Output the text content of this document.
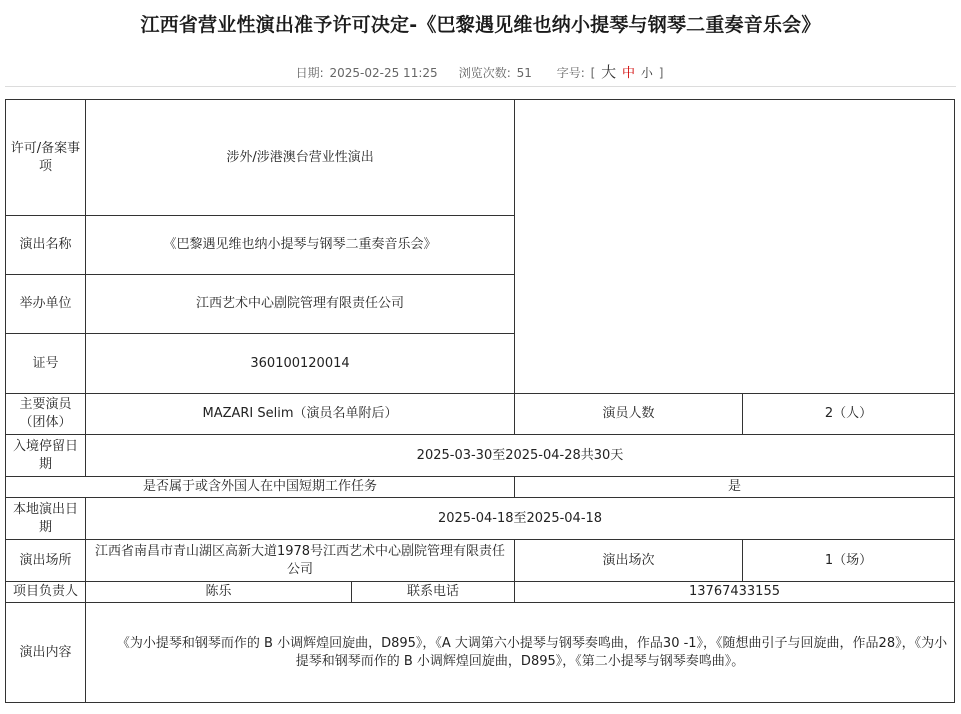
江西省营业性演出准予许可决定-《巴黎遇见维也纳小提琴与钢琴二重奏音乐会》
日期: 2025-02-25 11:25 浏览次数: 51 字号: [ 大 中 小 ]
许可/备案事项	涉外/涉港澳台营业性演出			
演出名称	《巴黎遇见维也纳小提琴与钢琴二重奏音乐会》			
举办单位	江西艺术中心剧院管理有限责任公司			
证号	360100120014			
主要演员（团体）	MAZARI Selim（演员名单附后）		演员人数	2（人）
入境停留日期	2025-03-30至2025-04-28共30天			
是否属于或含外国人在中国短期工作任务			是	
本地演出日期	2025-04-18至2025-04-18			
演出场所	江西省南昌市青山湖区高新大道1978号江西艺术中心剧院管理有限责任公司		演出场次	1（场）
项目负责人	陈乐	联系电话	13767433155	
演出内容	《为小提琴和钢琴而作的 B 小调辉煌回旋曲，D895》，《A 大调第六小提琴与钢琴奏鸣曲，作品30 -1》，《随想曲引子与回旋曲，作品28》，《为小提琴和钢琴而作的 B 小调辉煌回旋曲，D895》，《第二小提琴与钢琴奏鸣曲》。			
